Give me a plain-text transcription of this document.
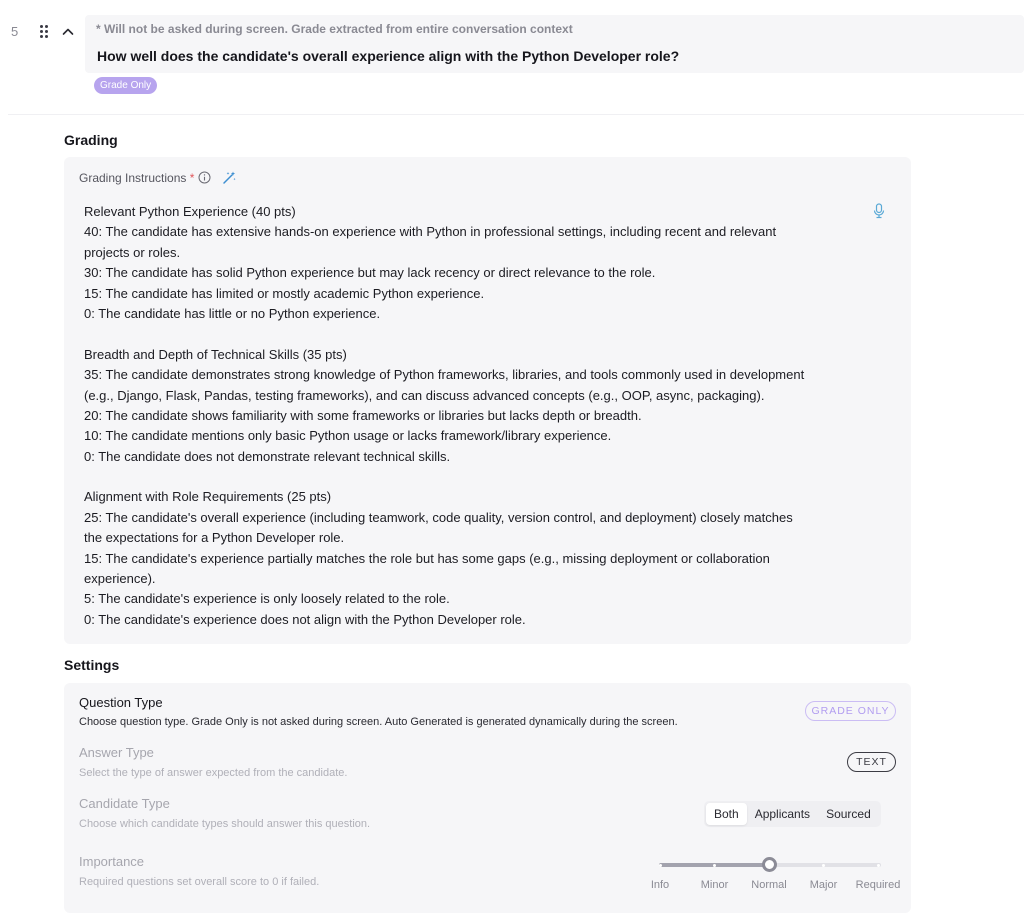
5	* Will not be asked during screen. Grade extracted from entire conversation context
How well does the candidate's overall experience align with the Python Developer role?
Grade Only
Grading
Grading Instructions *
Relevant Python Experience (40 pts)
40: The candidate has extensive hands-on experience with Python in professional settings, including recent and relevant
projects or roles.
30: The candidate has solid Python experience but may lack recency or direct relevance to the role.
15: The candidate has limited or mostly academic Python experience.
0: The candidate has little or no Python experience.
Breadth and Depth of Technical Skills (35 pts)
35: The candidate demonstrates strong knowledge of Python frameworks, libraries, and tools commonly used in development
(e.g., Django, Flask, Pandas, testing frameworks), and can discuss advanced concepts (e.g., OOP, async, packaging).
20: The candidate shows familiarity with some frameworks or libraries but lacks depth or breadth.
10: The candidate mentions only basic Python usage or lacks framework/library experience.
0: The candidate does not demonstrate relevant technical skills.
Alignment with Role Requirements (25 pts)
25: The candidate's overall experience (including teamwork, code quality, version control, and deployment) closely matches
the expectations for a Python Developer role.
15: The candidate's experience partially matches the role but has some gaps (e.g., missing deployment or collaboration
experience).
5: The candidate's experience is only loosely related to the role.
0: The candidate's experience does not align with the Python Developer role.
Settings
Question Type
Choose question type. Grade Only is not asked during screen. Auto Generated is generated dynamically during the screen.
GRADE ONLY
Answer Type
Select the type of answer expected from the candidate.
TEXT
Candidate Type
Choose which candidate types should answer this question.
Both	Applicants	Sourced
Importance
Required questions set overall score to 0 if failed.	Info	Minor	Normal	Major	Required
